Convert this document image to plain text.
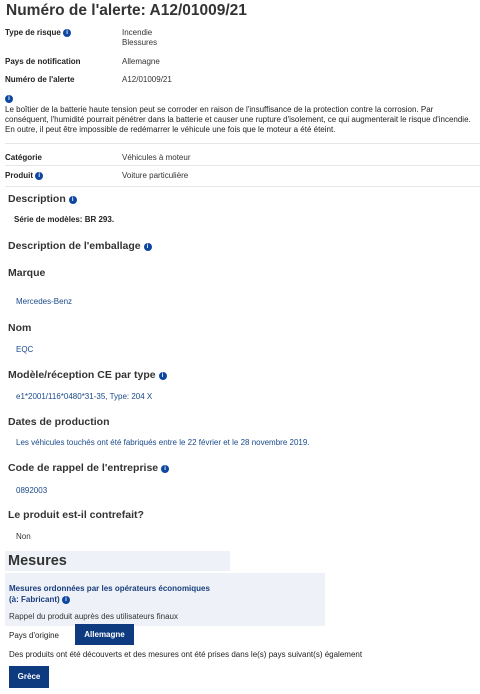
Numéro de l'alerte: A12/01009/21
Type de risque i	Incendie
Blessures
Pays de notification	Allemagne
Numéro de l'alerte	A12/01009/21
i
Le boîtier de la batterie haute tension peut se corroder en raison de l'insuffisance de la protection contre la corrosion. Par
conséquent, l'humidité pourrait pénétrer dans la batterie et causer une rupture d'isolement, ce qui augmenterait le risque d'incendie.
En outre, il peut être impossible de redémarrer le véhicule une fois que le moteur a été éteint.
Catégorie	Véhicules à moteur
Produit i	Voiture particulière
Description i
Série de modèles: BR 293.
Description de l'emballage i
Marque
Mercedes-Benz
Nom
EQC
Modèle/réception CE par type i
e1*2001/116*0480*31-35, Type: 204 X
Dates de production
Les véhicules touchés ont été fabriqués entre le 22 février et le 28 novembre 2019.
Code de rappel de l'entreprise i
0892003
Le produit est-il contrefait?
Non
Mesures
Mesures ordonnées par les opérateurs économiques
(à: Fabricant) i
Rappel du produit auprès des utilisateurs finaux
Pays d'origine	Allemagne
Des produits ont été découverts et des mesures ont été prises dans le(s) pays suivant(s) également
Grèce
